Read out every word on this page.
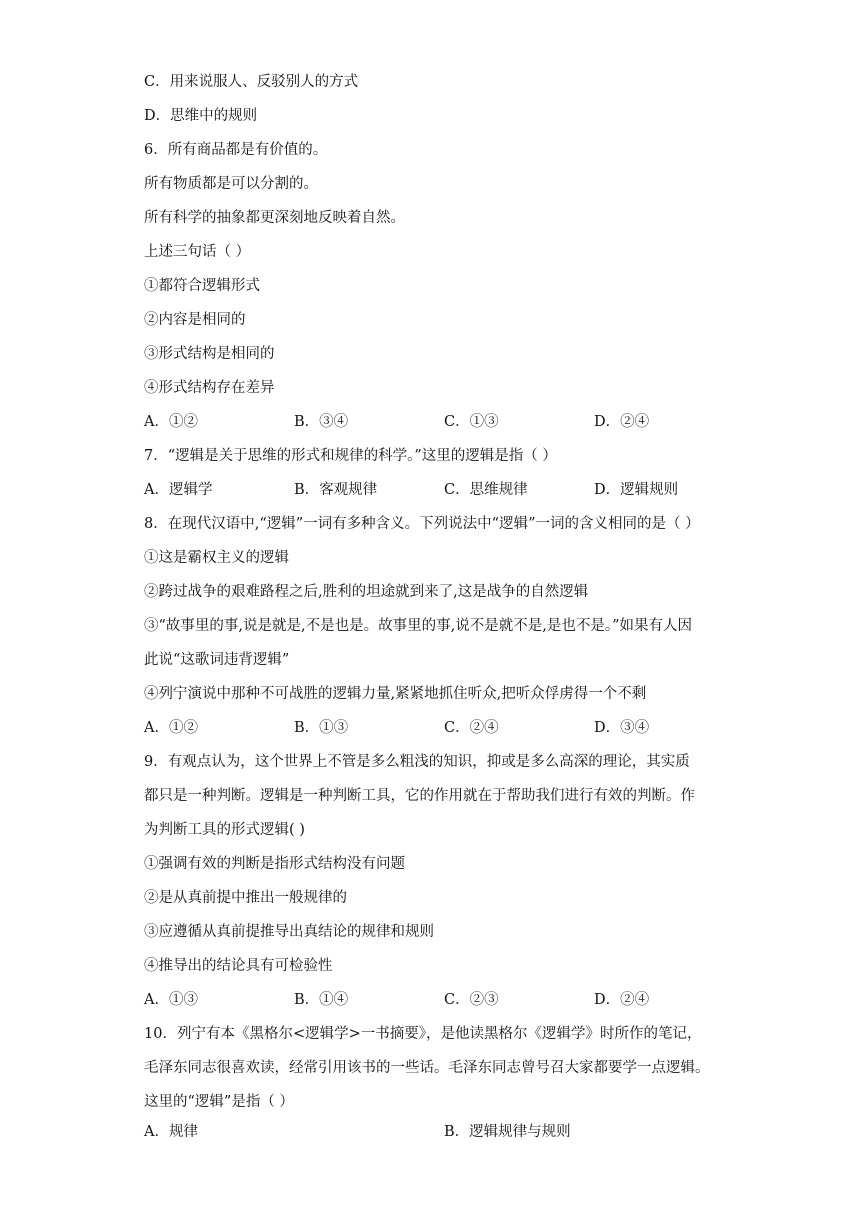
C．用来说服人、反驳别人的方式
D．思维中的规则
6．所有商品都是有价值的。
所有物质都是可以分割的。
所有科学的抽象都更深刻地反映着自然。
上述三句话（ ）
①都符合逻辑形式
②内容是相同的
③形式结构是相同的
④形式结构存在差异
A．①②	B．③④	C．①③	D．②④
7．“逻辑是关于思维的形式和规律的科学。”这里的逻辑是指（ ）
A．逻辑学	B．客观规律	C．思维规律	D．逻辑规则
8．在现代汉语中,“逻辑”一词有多种含义。下列说法中“逻辑”一词的含义相同的是（ ）
①这是霸权主义的逻辑
②跨过战争的艰难路程之后,胜利的坦途就到来了,这是战争的自然逻辑
③“故事里的事,说是就是,不是也是。故事里的事,说不是就不是,是也不是。”如果有人因
此说“这歌词违背逻辑”
④列宁演说中那种不可战胜的逻辑力量,紧紧地抓住听众,把听众俘虏得一个不剩
A．①②	B．①③	C．②④	D．③④
9．有观点认为，这个世界上不管是多么粗浅的知识，抑或是多么高深的理论，其实质
都只是一种判断。逻辑是一种判断工具，它的作用就在于帮助我们进行有效的判断。作
为判断工具的形式逻辑( )
①强调有效的判断是指形式结构没有问题
②是从真前提中推出一般规律的
③应遵循从真前提推导出真结论的规律和规则
④推导出的结论具有可检验性
A．①③	B．①④	C．②③	D．②④
10．列宁有本《黑格尔<逻辑学>一书摘要》，是他读黑格尔《逻辑学》时所作的笔记，
毛泽东同志很喜欢读，经常引用该书的一些话。毛泽东同志曾号召大家都要学一点逻辑。
这里的“逻辑”是指（ ）
A．规律	B．逻辑规律与规则
